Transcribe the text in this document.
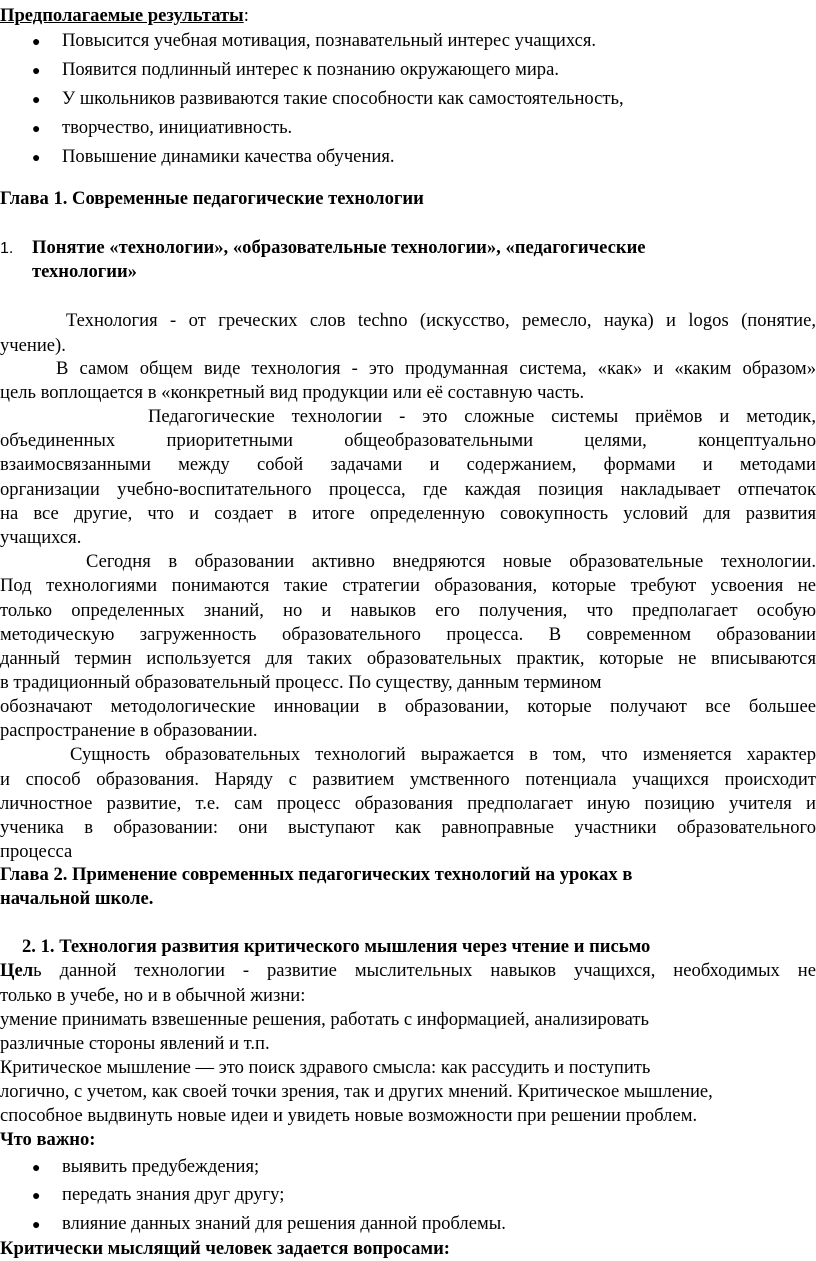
Предполагаемые результаты:
● Повысится учебная мотивация, познавательный интерес учащихся.
● Появится подлинный интерес к познанию окружающего мира.
● У школьников развиваются такие способности как самостоятельность,
● творчество, инициативность.
● Повышение динамики качества обучения.
Глава 1. Современные педагогические технологии
1. Понятие «технологии», «образовательные технологии», «педагогические
технологии»
Технология - от греческих слов techno (искусство, ремесло, наука) и logos (понятие,
учение).
В самом общем виде технология - это продуманная система, «как» и «каким образом»
цель воплощается в «конкретный вид продукции или её составную часть.
Педагогические технологии - это сложные системы приёмов и методик,
объединенных приоритетными общеобразовательными целями, концептуально
взаимосвязанными между собой задачами и содержанием, формами и методами
организации учебно-воспитательного процесса, где каждая позиция накладывает отпечаток
на все другие, что и создает в итоге определенную совокупность условий для развития
учащихся.
Сегодня в образовании активно внедряются новые образовательные технологии.
Под технологиями понимаются такие стратегии образования, которые требуют усвоения не
только определенных знаний, но и навыков его получения, что предполагает особую
методическую загруженность образовательного процесса. В современном образовании
данный термин используется для таких образовательных практик, которые не вписываются
в традиционный образовательный процесс. По существу, данным термином
обозначают методологические инновации в образовании, которые получают все большее
распространение в образовании.
Сущность образовательных технологий выражается в том, что изменяется характер
и способ образования. Наряду с развитием умственного потенциала учащихся происходит
личностное развитие, т.е. сам процесс образования предполагает иную позицию учителя и
ученика в образовании: они выступают как равноправные участники образовательного
процесса
Глава 2. Применение современных педагогических технологий на уроках в
начальной школе.
2. 1. Технология развития критического мышления через чтение и письмо
Цель данной технологии - развитие мыслительных навыков учащихся, необходимых не
только в учебе, но и в обычной жизни:
умение принимать взвешенные решения, работать с информацией, анализировать
различные стороны явлений и т.п.
Критическое мышление — это поиск здравого смысла: как рассудить и поступить
логично, с учетом, как своей точки зрения, так и других мнений. Критическое мышление,
способное выдвинуть новые идеи и увидеть новые возможности при решении проблем.
Что важно:
● выявить предубеждения;
● передать знания друг другу;
● влияние данных знаний для решения данной проблемы.
Критически мыслящий человек задается вопросами:
